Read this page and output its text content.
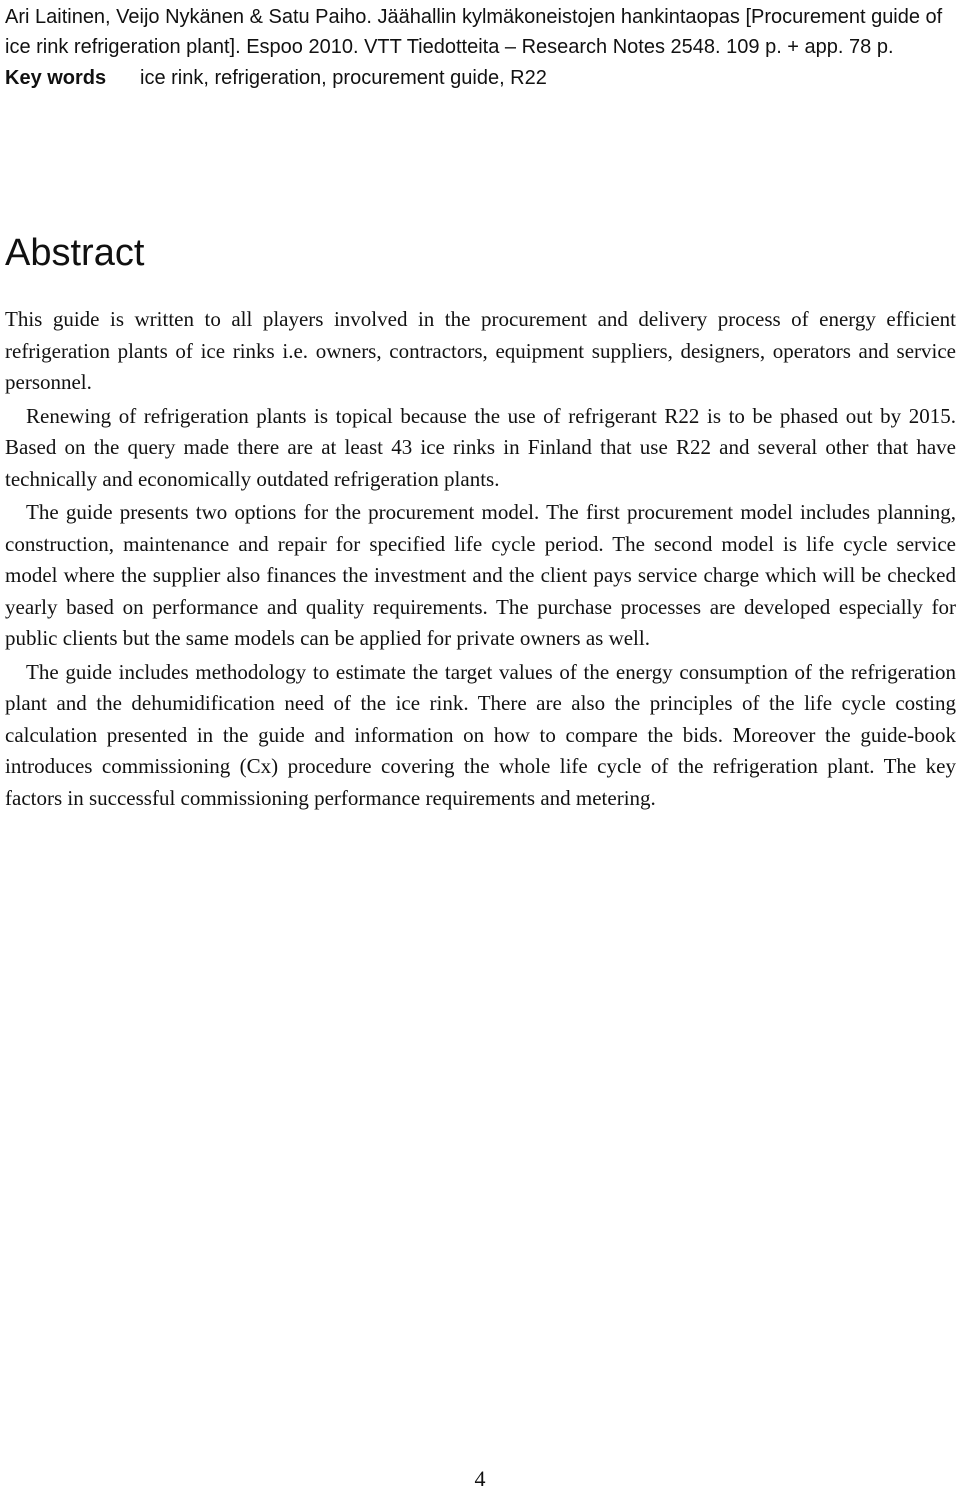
Ari Laitinen, Veijo Nykänen & Satu Paiho. Jäähallin kylmäkoneistojen hankintaopas [Procurement guide of ice rink refrigeration plant]. Espoo 2010. VTT Tiedotteita – Research Notes 2548. 109 p. + app. 78 p.

Key words ice rink, refrigeration, procurement guide, R22
Abstract

This guide is written to all players involved in the procurement and delivery process of energy efficient refrigeration plants of ice rinks i.e. owners, contractors, equipment suppliers, designers, operators and service personnel.

Renewing of refrigeration plants is topical because the use of refrigerant R22 is to be phased out by 2015. Based on the query made there are at least 43 ice rinks in Finland that use R22 and several other that have technically and economically outdated refrigeration plants.

The guide presents two options for the procurement model. The first procurement model includes planning, construction, maintenance and repair for specified life cycle period. The second model is life cycle service model where the supplier also finances the investment and the client pays service charge which will be checked yearly based on performance and quality requirements. The purchase processes are developed especially for public clients but the same models can be applied for private owners as well.

The guide includes methodology to estimate the target values of the energy consumption of the refrigeration plant and the dehumidification need of the ice rink. There are also the principles of the life cycle costing calculation presented in the guide and information on how to compare the bids. Moreover the guide-book introduces commissioning (Cx) procedure covering the whole life cycle of the refrigeration plant. The key factors in successful commissioning performance requirements and metering.

4
